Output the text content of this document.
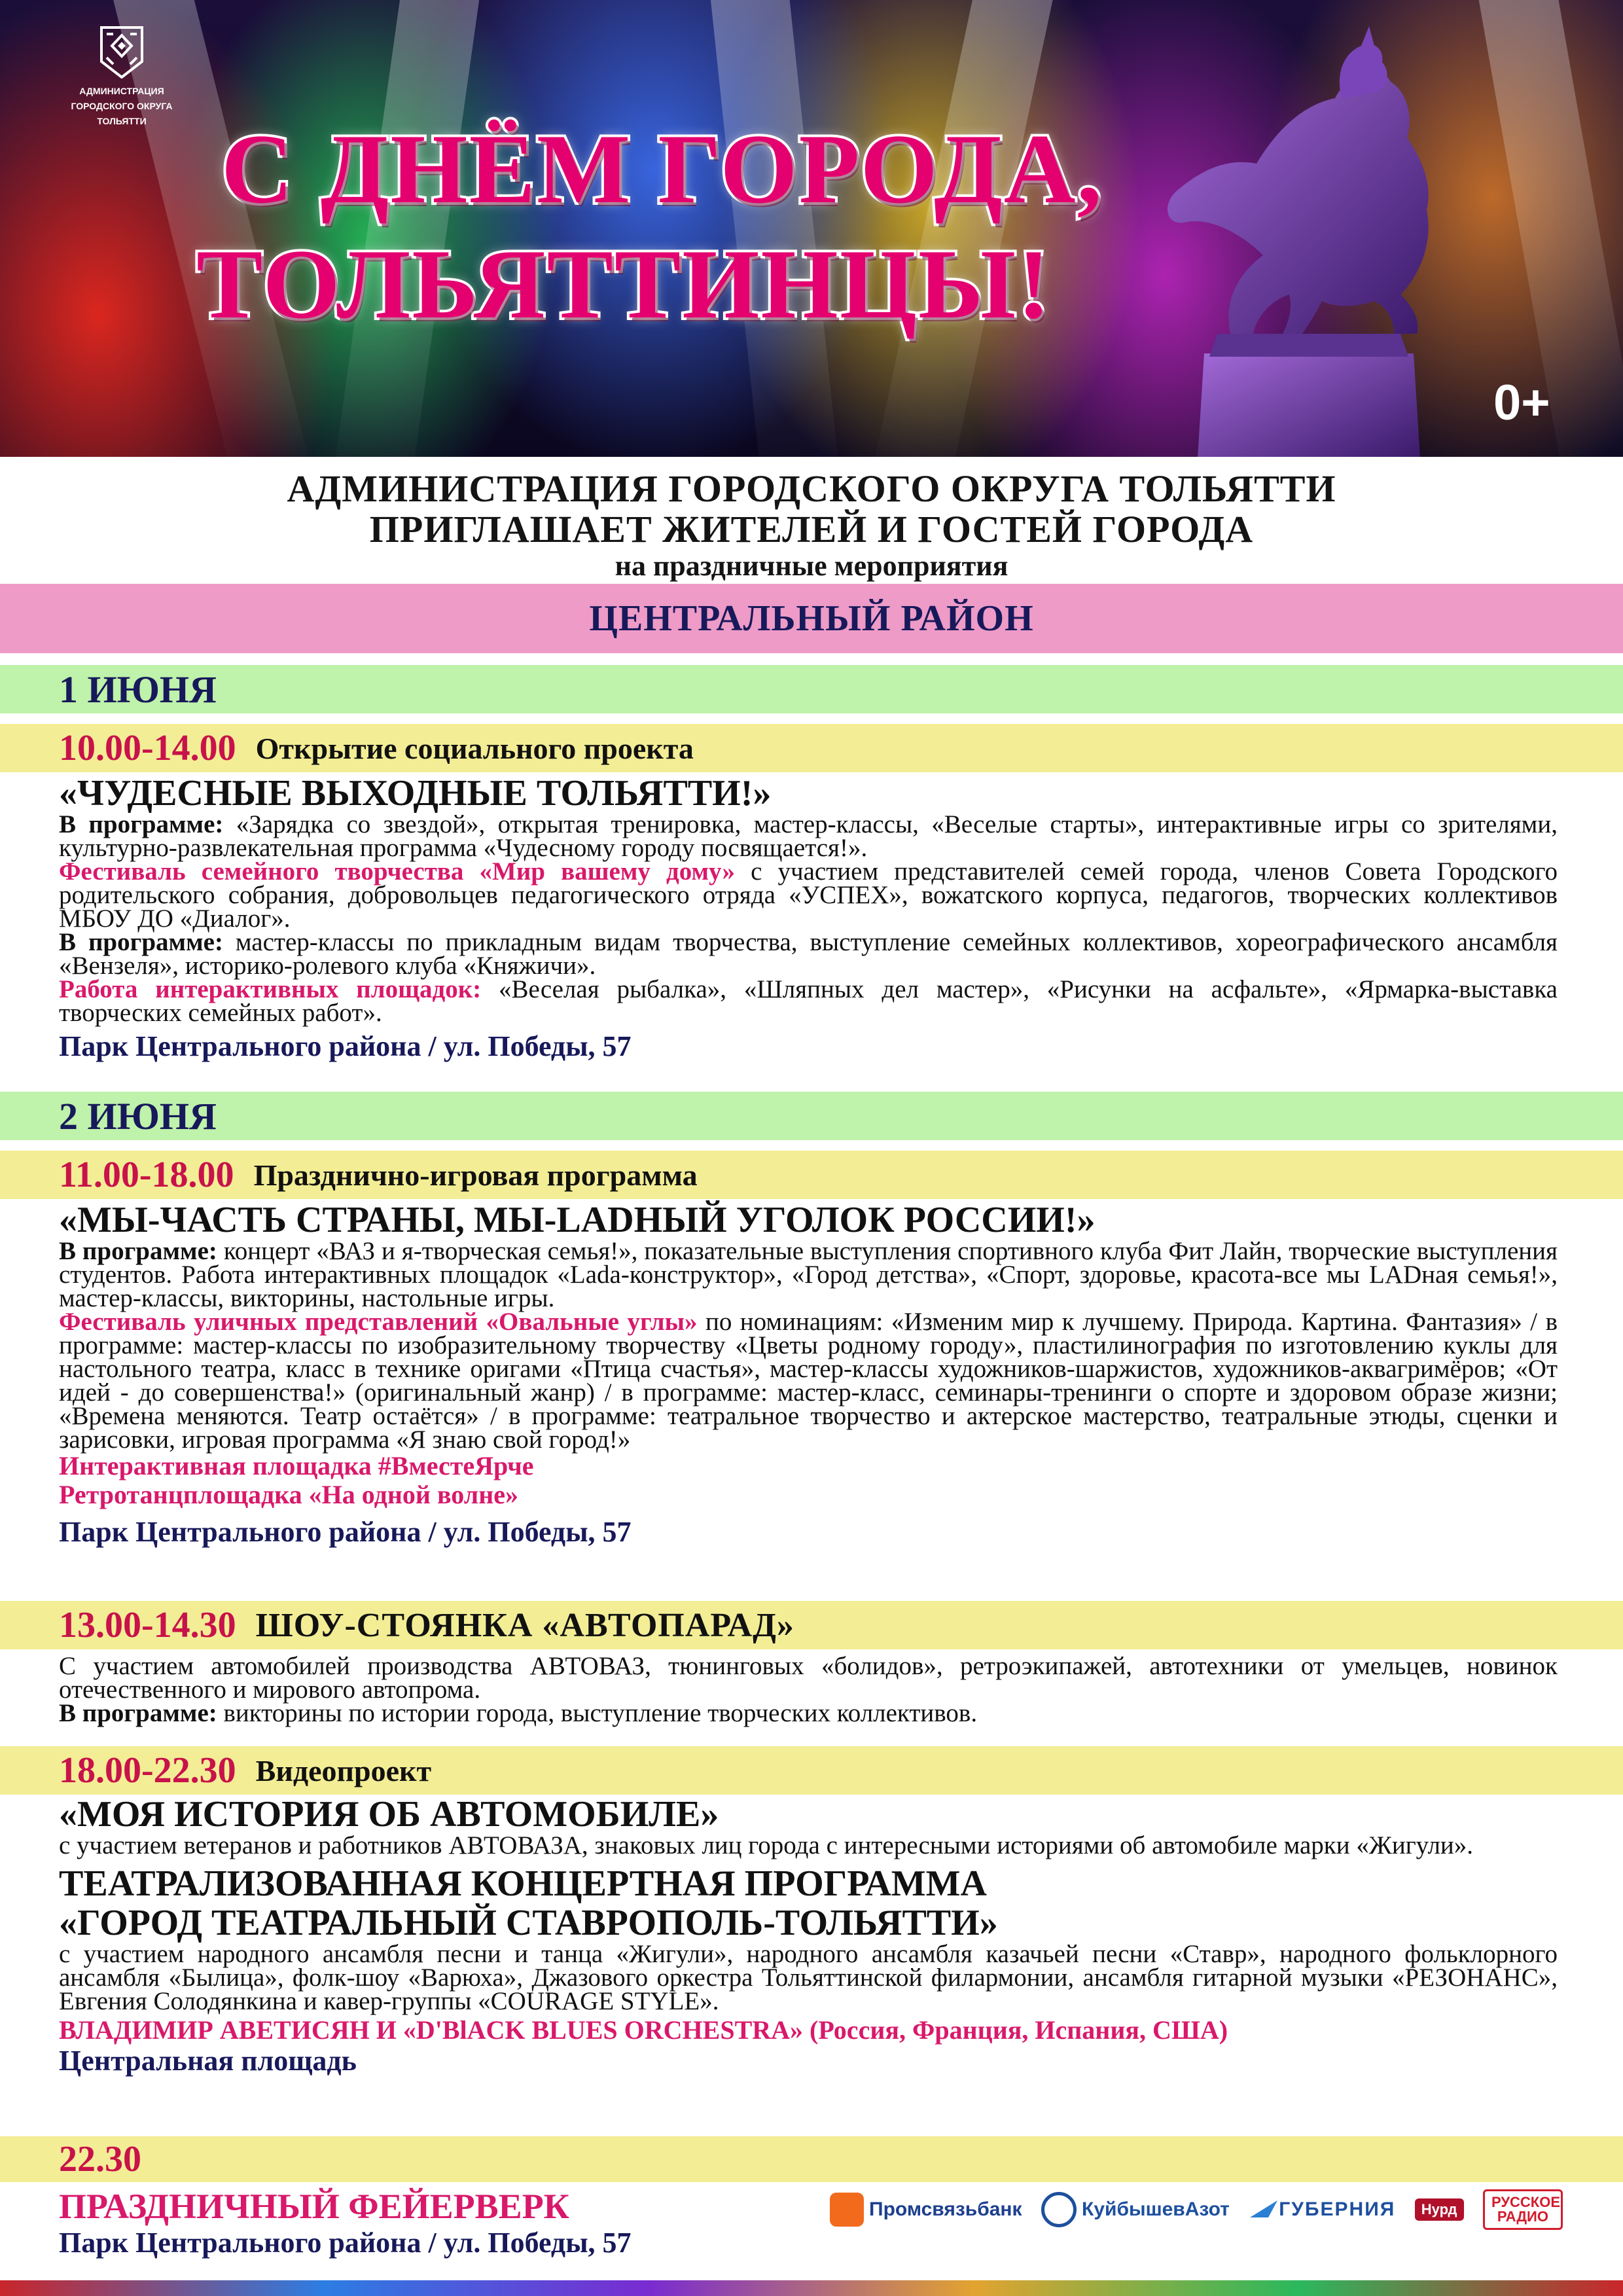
АДМИНИСТРАЦИЯ
ГОРОДСКОГО ОКРУГА
ТОЛЬЯТТИ С ДНЁМ ГОРОДА,
ТОЛЬЯТТИНЦЫ!
0+
АДМИНИСТРАЦИЯ ГОРОДСКОГО ОКРУГА ТОЛЬЯТТИ
ПРИГЛАШАЕТ ЖИТЕЛЕЙ И ГОСТЕЙ ГОРОДА
на праздничные мероприятия
ЦЕНТРАЛЬНЫЙ РАЙОН
1 ИЮНЯ
10.00-14.00 Открытие социального проекта
«ЧУДЕСНЫЕ ВЫХОДНЫЕ ТОЛЬЯТТИ!»
В программе: «Зарядка со звездой», открытая тренировка, мастер-классы, «Веселые старты», интерактивные игры со зрителями, культурно-развлекательная программа «Чудесному городу посвящается!».
Фестиваль семейного творчества «Мир вашему дому» с участием представителей семей города, членов Совета Городского родительского собрания, добровольцев педагогического отряда «УСПЕХ», вожатского корпуса, педагогов, творческих коллективов МБОУ ДО «Диалог».
В программе: мастер-классы по прикладным видам творчества, выступление семейных коллективов, хореографического ансамбля «Вензеля», историко-ролевого клуба «Княжичи».
Работа интерактивных площадок: «Веселая рыбалка», «Шляпных дел мастер», «Рисунки на асфальте», «Ярмарка-выставка творческих семейных работ».
Парк Центрального района / ул. Победы, 57
2 ИЮНЯ
11.00-18.00 Празднично-игровая программа
«МЫ-ЧАСТЬ СТРАНЫ, МЫ-LADНЫЙ УГОЛОК РОССИИ!»
В программе: концерт «ВАЗ и я-творческая семья!», показательные выступления спортивного клуба Фит Лайн, творческие выступления студентов. Работа интерактивных площадок «Lada-конструктор», «Город детства», «Спорт, здоровье, красота-все мы LADная семья!», мастер-классы, викторины, настольные игры.
Фестиваль уличных представлений «Овальные углы» по номинациям: «Изменим мир к лучшему. Природа. Картина. Фантазия» / в программе: мастер-классы по изобразительному творчеству «Цветы родному городу», пластилинография по изготовлению куклы для настольного театра, класс в технике оригами «Птица счастья», мастер-классы художников-шаржистов, художников-аквагримёров; «От идей - до совершенства!» (оригинальный жанр) / в программе: мастер-класс, семинары-тренинги о спорте и здоровом образе жизни; «Времена меняются. Театр остаётся» / в программе: театральное творчество и актерское мастерство, театральные этюды, сценки и зарисовки, игровая программа «Я знаю свой город!»
Интерактивная площадка #ВместеЯрче
Ретротанцплощадка «На одной волне»
Парк Центрального района / ул. Победы, 57
13.00-14.30 ШОУ-СТОЯНКА «АВТОПАРАД»
С участием автомобилей производства АВТОВАЗ, тюнинговых «болидов», ретроэкипажей, автотехники от умельцев, новинок отечественного и мирового автопрома.
В программе: викторины по истории города, выступление творческих коллективов.
18.00-22.30 Видеопроект
«МОЯ ИСТОРИЯ ОБ АВТОМОБИЛЕ»
с участием ветеранов и работников АВТОВАЗА, знаковых лиц города с интересными историями об автомобиле марки «Жигули».
ТЕАТРАЛИЗОВАННАЯ КОНЦЕРТНАЯ ПРОГРАММА
«ГОРОД ТЕАТРАЛЬНЫЙ СТАВРОПОЛЬ-ТОЛЬЯТТИ»
с участием народного ансамбля песни и танца «Жигули», народного ансамбля казачьей песни «Ставр», народного фольклорного ансамбля «Былица», фолк-шоу «Варюха», Джазового оркестра Тольяттинской филармонии, ансамбля гитарной музыки «РЕЗОНАНС», Евгения Солодянкина и кавер-группы «COURAGE STYLE».
ВЛАДИМИР АВЕТИСЯН И «D'BlACK BLUES ORCHESTRA» (Россия, Франция, Испания, США)
Центральная площадь
22.30
ПРАЗДНИЧНЫЙ ФЕЙЕРВЕРК
Парк Центрального района / ул. Победы, 57
Промсвязьбанк	КуйбышевАзот	ГУБЕРНИЯ	Нурд	РУССКОЕ РАДИО
